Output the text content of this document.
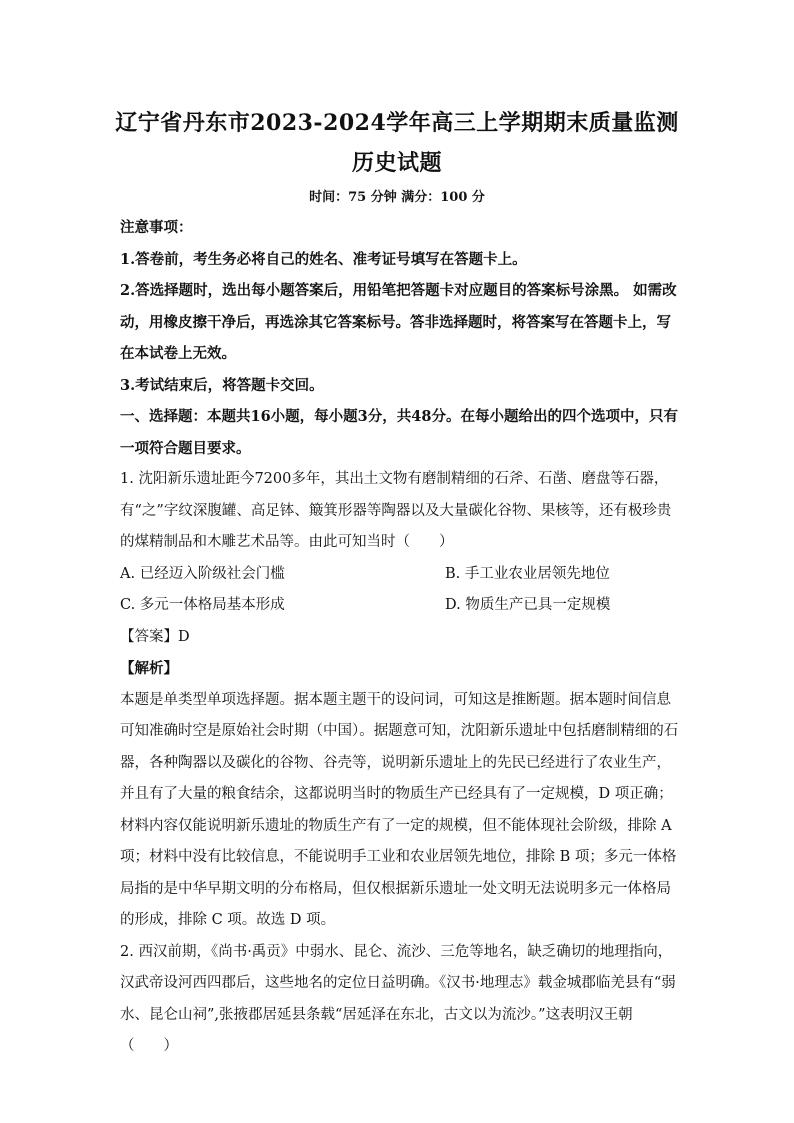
辽宁省丹东市2023-2024学年高三上学期期末质量监测
历史试题
时间：75 分钟 满分：100 分

注意事项：

1.答卷前，考生务必将自己的姓名、准考证号填写在答题卡上。

2.答选择题时，选出每小题答案后，用铅笔把答题卡对应题目的答案标号涂黑。 如需改动，用橡皮擦干净后，再选涂其它答案标号。答非选择题时，将答案写在答题卡上，写在本试卷上无效。

3.考试结束后，将答题卡交回。

一、选择题：本题共16小题，每小题3分，共48分。在每小题给出的四个选项中，只有一项符合题目要求。

1. 沈阳新乐遗址距今7200多年，其出土文物有磨制精细的石斧、石凿、磨盘等石器，有“之”字纹深腹罐、高足钵、簸箕形器等陶器以及大量碳化谷物、果核等，还有极珍贵的煤精制品和木雕艺术品等。由此可知当时（　　）

A. 已经迈入阶级社会门槛	B. 手工业农业居领先地位
C. 多元一体格局基本形成	D. 物质生产已具一定规模

【答案】D

【解析】

本题是单类型单项选择题。据本题主题干的设问词，可知这是推断题。据本题时间信息可知准确时空是原始社会时期（中国）。据题意可知，沈阳新乐遗址中包括磨制精细的石器，各种陶器以及碳化的谷物、谷壳等，说明新乐遗址上的先民已经进行了农业生产，并且有了大量的粮食结余，这都说明当时的物质生产已经具有了一定规模，D 项正确；材料内容仅能说明新乐遗址的物质生产有了一定的规模，但不能体现社会阶级，排除 A 项；材料中没有比较信息，不能说明手工业和农业居领先地位，排除 B 项；多元一体格局指的是中华早期文明的分布格局，但仅根据新乐遗址一处文明无法说明多元一体格局的形成，排除 C 项。故选 D 项。

2. 西汉前期，《尚书·禹贡》中弱水、昆仑、流沙、三危等地名，缺乏确切的地理指向，汉武帝设河西四郡后，这些地名的定位日益明确。《汉书·地理志》载金城郡临羌县有“弱水、昆仑山祠”,张掖郡居延县条载“居延泽在东北，古文以为流沙。”这表明汉王朝（　　）
